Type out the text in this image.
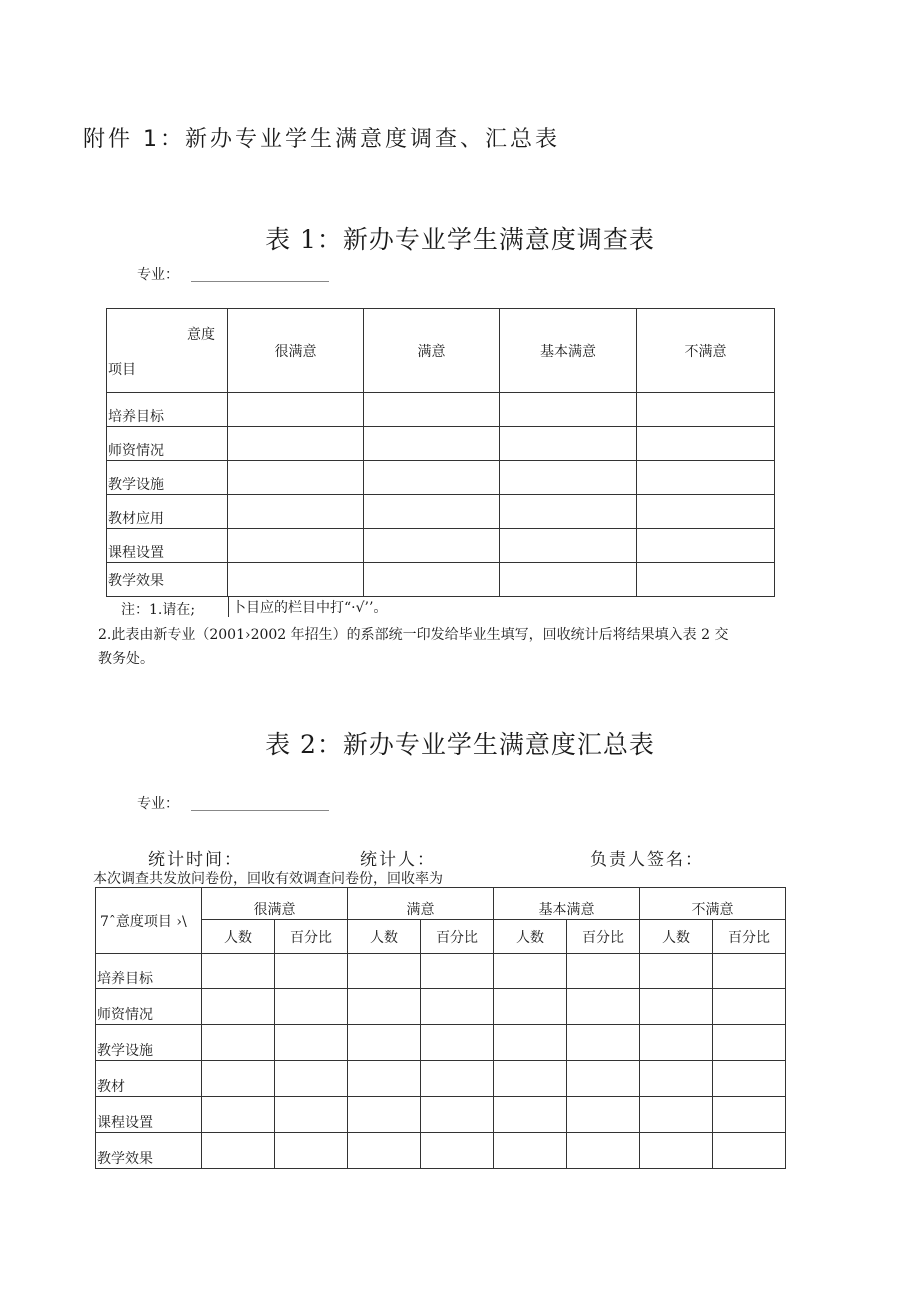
附件 1：新办专业学生满意度调查、汇总表
表 1：新办专业学生满意度调查表
专业：
意度
项目	很满意	满意	基本满意	不满意
培养目标				
师资情况				
教学设施				
教材应用				
课程设置				
教学效果				
注：1.请在;	卜目应的栏目中打“·√’’。
2.此表由新专业（2001›2002 年招生）的系部统一印发给毕业生填写，回收统计后将结果填入表 2 交
教务处。
表 2：新办专业学生满意度汇总表
专业：
统计时间：	统计人：	负责人签名：
本次调查共发放问卷份，回收有效调查问卷份，回收率为
7ˆ意度项目 ›\	很满意		满意		基本满意		不满意	
	人数	百分比	人数	百分比	人数	百分比	人数	百分比
培养目标								
师资情况								
教学设施								
教材								
课程设置								
教学效果								
